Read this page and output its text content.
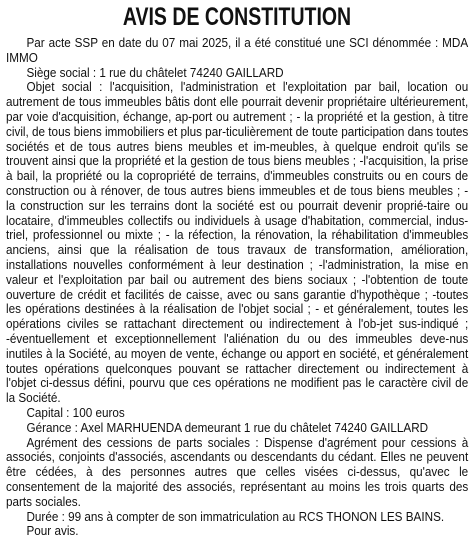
AVIS DE CONSTITUTION

Par acte SSP en date du 07 mai 2025, il a été constitué une SCI dénommée : MDA IMMO

Siège social : 1 rue du châtelet 74240 GAILLARD

Objet social : l'acquisition, l'administration et l'exploitation par bail, location ou autrement de tous immeubles bâtis dont elle pourrait devenir propriétaire ultérieurement, par voie d'acquisition, échange, ap-port ou autrement ; - la propriété et la gestion, à titre civil, de tous biens immobiliers et plus par-ticulièrement de toute participation dans toutes sociétés et de tous autres biens meubles et im-meubles, à quelque endroit qu'ils se trouvent ainsi que la propriété et la gestion de tous biens meubles ; -l'acquisition, la prise à bail, la propriété ou la copropriété de terrains, d'immeubles construits ou en cours de construction ou à rénover, de tous autres biens immeubles et de tous biens meubles ; - la construction sur les terrains dont la société est ou pourrait devenir proprié-taire ou locataire, d'immeubles collectifs ou individuels à usage d'habitation, commercial, indus-triel, professionnel ou mixte ; - la réfection, la rénovation, la réhabilitation d'immeubles anciens, ainsi que la réalisation de tous travaux de transformation, amélioration, installations nouvelles conformément à leur destination ; -l'administration, la mise en valeur et l'exploitation par bail ou autrement des biens sociaux ; -l'obtention de toute ouverture de crédit et facilités de caisse, avec ou sans garantie d'hypothèque ; -toutes les opérations destinées à la réalisation de l'objet social ; - et généralement, toutes les opérations civiles se rattachant directement ou indirectement à l'ob-jet sus-indiqué ; -éventuellement et exceptionnellement l'aliénation du ou des immeubles deve-nus inutiles à la Société, au moyen de vente, échange ou apport en société, et généralement toutes opérations quelconques pouvant se rattacher directement ou indirectement à l'objet ci-dessus défini, pourvu que ces opérations ne modifient pas le caractère civil de la Société.

Capital : 100 euros

Gérance : Axel MARHUENDA demeurant 1 rue du châtelet 74240 GAILLARD

Agrément des cessions de parts sociales : Dispense d'agrément pour cessions à associés, conjoints d'associés, ascendants ou descendants du cédant. Elles ne peuvent être cédées, à des personnes autres que celles visées ci-dessus, qu'avec le consentement de la majorité des associés, représentant au moins les trois quarts des parts sociales.

Durée : 99 ans à compter de son immatriculation au RCS THONON LES BAINS.

Pour avis.
